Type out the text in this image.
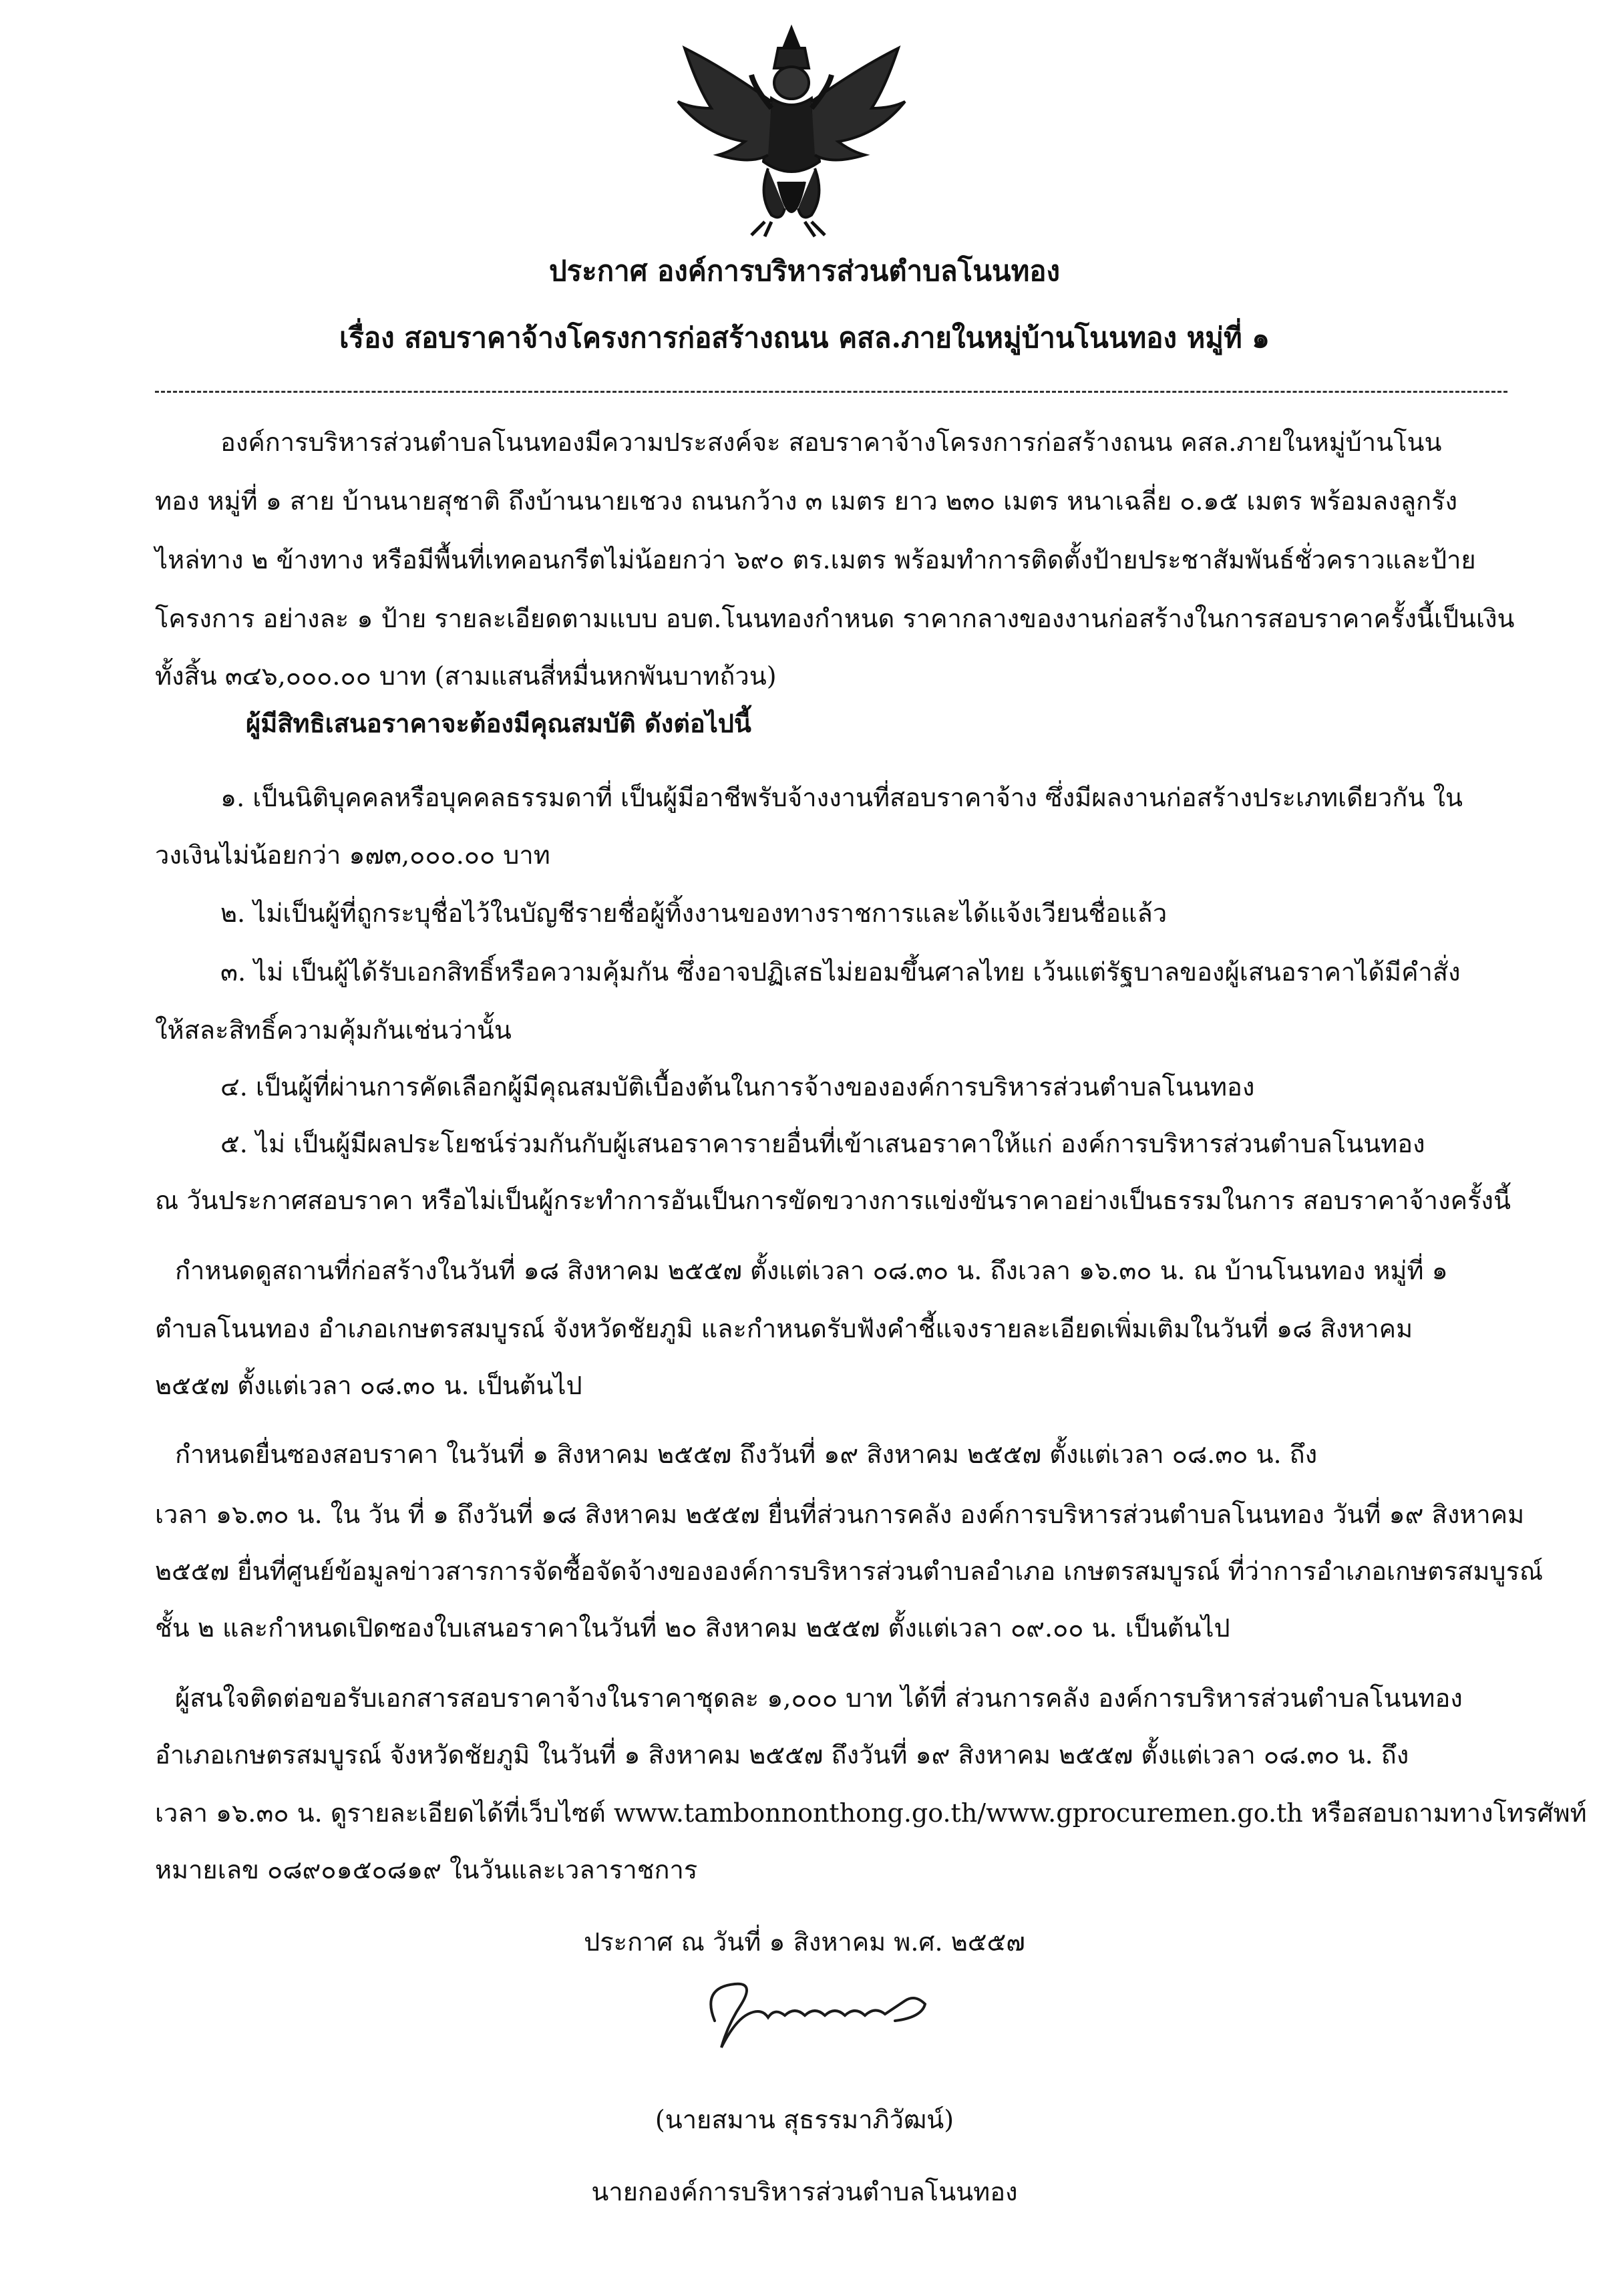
ประกาศ องค์การบริหารส่วนตำบลโนนทอง
เรื่อง สอบราคาจ้างโครงการก่อสร้างถนน คสล.ภายในหมู่บ้านโนนทอง หมู่ที่ ๑
องค์การบริหารส่วนตำบลโนนทองมีความประสงค์จะ สอบราคาจ้างโครงการก่อสร้างถนน คสล.ภายในหมู่บ้านโนน
ทอง หมู่ที่ ๑ สาย บ้านนายสุชาติ ถึงบ้านนายเชวง ถนนกว้าง ๓ เมตร ยาว ๒๓๐ เมตร หนาเฉลี่ย ๐.๑๕ เมตร พร้อมลงลูกรัง
ไหล่ทาง ๒ ข้างทาง หรือมีพื้นที่เทคอนกรีตไม่น้อยกว่า ๖๙๐ ตร.เมตร พร้อมทำการติดตั้งป้ายประชาสัมพันธ์ชั่วคราวและป้าย
โครงการ อย่างละ ๑ ป้าย รายละเอียดตามแบบ อบต.โนนทองกำหนด ราคากลางของงานก่อสร้างในการสอบราคาครั้งนี้เป็นเงิน
ทั้งสิ้น ๓๔๖,๐๐๐.๐๐ บาท (สามแสนสี่หมื่นหกพันบาทถ้วน)
ผู้มีสิทธิเสนอราคาจะต้องมีคุณสมบัติ ดังต่อไปนี้
๑. เป็นนิติบุคคลหรือบุคคลธรรมดาที่ เป็นผู้มีอาชีพรับจ้างงานที่สอบราคาจ้าง ซึ่งมีผลงานก่อสร้างประเภทเดียวกัน ใน
วงเงินไม่น้อยกว่า ๑๗๓,๐๐๐.๐๐ บาท
๒. ไม่เป็นผู้ที่ถูกระบุชื่อไว้ในบัญชีรายชื่อผู้ทิ้งงานของทางราชการและได้แจ้งเวียนชื่อแล้ว
๓. ไม่ เป็นผู้ได้รับเอกสิทธิ์หรือความคุ้มกัน ซึ่งอาจปฏิเสธไม่ยอมขึ้นศาลไทย เว้นแต่รัฐบาลของผู้เสนอราคาได้มีคำสั่ง
ให้สละสิทธิ์ความคุ้มกันเช่นว่านั้น
๔. เป็นผู้ที่ผ่านการคัดเลือกผู้มีคุณสมบัติเบื้องต้นในการจ้างขององค์การบริหารส่วนตำบลโนนทอง
๕. ไม่ เป็นผู้มีผลประโยชน์ร่วมกันกับผู้เสนอราคารายอื่นที่เข้าเสนอราคาให้แก่ องค์การบริหารส่วนตำบลโนนทอง
ณ วันประกาศสอบราคา หรือไม่เป็นผู้กระทำการอันเป็นการขัดขวางการแข่งขันราคาอย่างเป็นธรรมในการ สอบราคาจ้างครั้งนี้
กำหนดดูสถานที่ก่อสร้างในวันที่ ๑๘ สิงหาคม ๒๕๕๗ ตั้งแต่เวลา ๐๘.๓๐ น. ถึงเวลา ๑๖.๓๐ น. ณ บ้านโนนทอง หมู่ที่ ๑
ตำบลโนนทอง อำเภอเกษตรสมบูรณ์ จังหวัดชัยภูมิ และกำหนดรับฟังคำชี้แจงรายละเอียดเพิ่มเติมในวันที่ ๑๘ สิงหาคม
๒๕๕๗ ตั้งแต่เวลา ๐๘.๓๐ น. เป็นต้นไป
กำหนดยื่นซองสอบราคา ในวันที่ ๑ สิงหาคม ๒๕๕๗ ถึงวันที่ ๑๙ สิงหาคม ๒๕๕๗ ตั้งแต่เวลา ๐๘.๓๐ น. ถึง
เวลา ๑๖.๓๐ น. ใน วัน ที่ ๑ ถึงวันที่ ๑๘ สิงหาคม ๒๕๕๗ ยื่นที่ส่วนการคลัง องค์การบริหารส่วนตำบลโนนทอง วันที่ ๑๙ สิงหาคม
๒๕๕๗ ยื่นที่ศูนย์ข้อมูลข่าวสารการจัดซื้อจัดจ้างขององค์การบริหารส่วนตำบลอำเภอ เกษตรสมบูรณ์ ที่ว่าการอำเภอเกษตรสมบูรณ์
ชั้น ๒ และกำหนดเปิดซองใบเสนอราคาในวันที่ ๒๐ สิงหาคม ๒๕๕๗ ตั้งแต่เวลา ๐๙.๐๐ น. เป็นต้นไป
ผู้สนใจติดต่อขอรับเอกสารสอบราคาจ้างในราคาชุดละ ๑,๐๐๐ บาท ได้ที่ ส่วนการคลัง องค์การบริหารส่วนตำบลโนนทอง
อำเภอเกษตรสมบูรณ์ จังหวัดชัยภูมิ ในวันที่ ๑ สิงหาคม ๒๕๕๗ ถึงวันที่ ๑๙ สิงหาคม ๒๕๕๗ ตั้งแต่เวลา ๐๘.๓๐ น. ถึง
เวลา ๑๖.๓๐ น. ดูรายละเอียดได้ที่เว็บไซต์ www.tambonnonthong.go.th/www.gprocuremen.go.th หรือสอบถามทางโทรศัพท์
หมายเลข ๐๘๙๐๑๕๐๘๑๙ ในวันและเวลาราชการ
ประกาศ ณ วันที่ ๑ สิงหาคม พ.ศ. ๒๕๕๗
(นายสมาน สุธรรมาภิวัฒน์)
นายกองค์การบริหารส่วนตำบลโนนทอง
